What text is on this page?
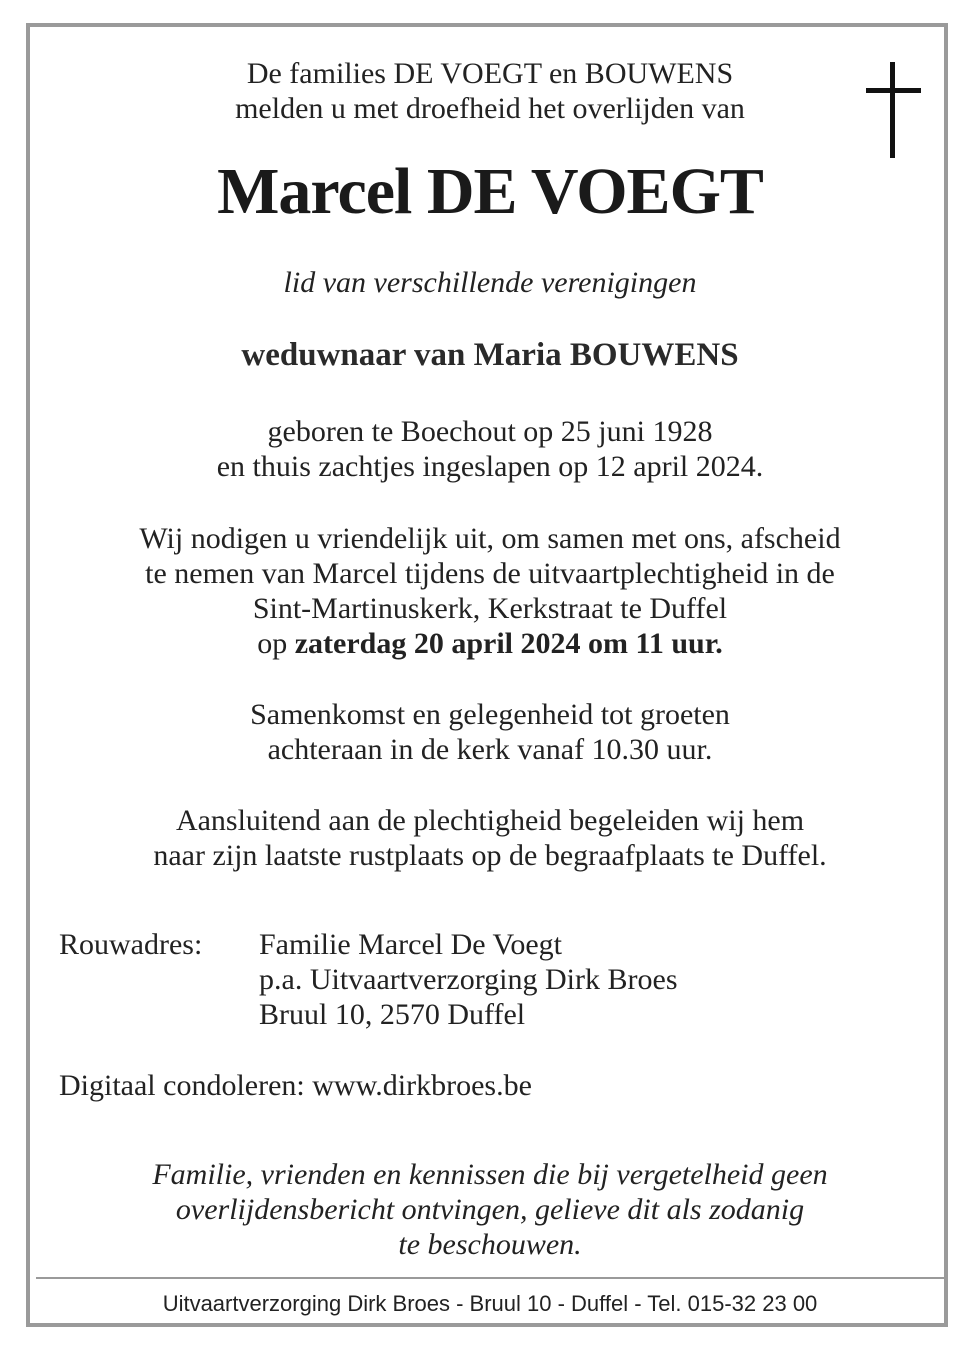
De families DE VOEGT en BOUWENS
melden u met droefheid het overlijden van
Marcel DE VOEGT
lid van verschillende verenigingen
weduwnaar van Maria BOUWENS
geboren te Boechout op 25 juni 1928
en thuis zachtjes ingeslapen op 12 april 2024.
Wij nodigen u vriendelijk uit, om samen met ons, afscheid
te nemen van Marcel tijdens de uitvaartplechtigheid in de
Sint-Martinuskerk, Kerkstraat te Duffel
op zaterdag 20 april 2024 om 11 uur.
Samenkomst en gelegenheid tot groeten
achteraan in de kerk vanaf 10.30 uur.
Aansluitend aan de plechtigheid begeleiden wij hem
naar zijn laatste rustplaats op de begraafplaats te Duffel.
Rouwadres: Familie Marcel De Voegt
p.a. Uitvaartverzorging Dirk Broes
Bruul 10, 2570 Duffel
Digitaal condoleren: www.dirkbroes.be
Familie, vrienden en kennissen die bij vergetelheid geen
overlijdensbericht ontvingen, gelieve dit als zodanig
te beschouwen.
Uitvaartverzorging Dirk Broes - Bruul 10 - Duffel - Tel. 015-32 23 00
